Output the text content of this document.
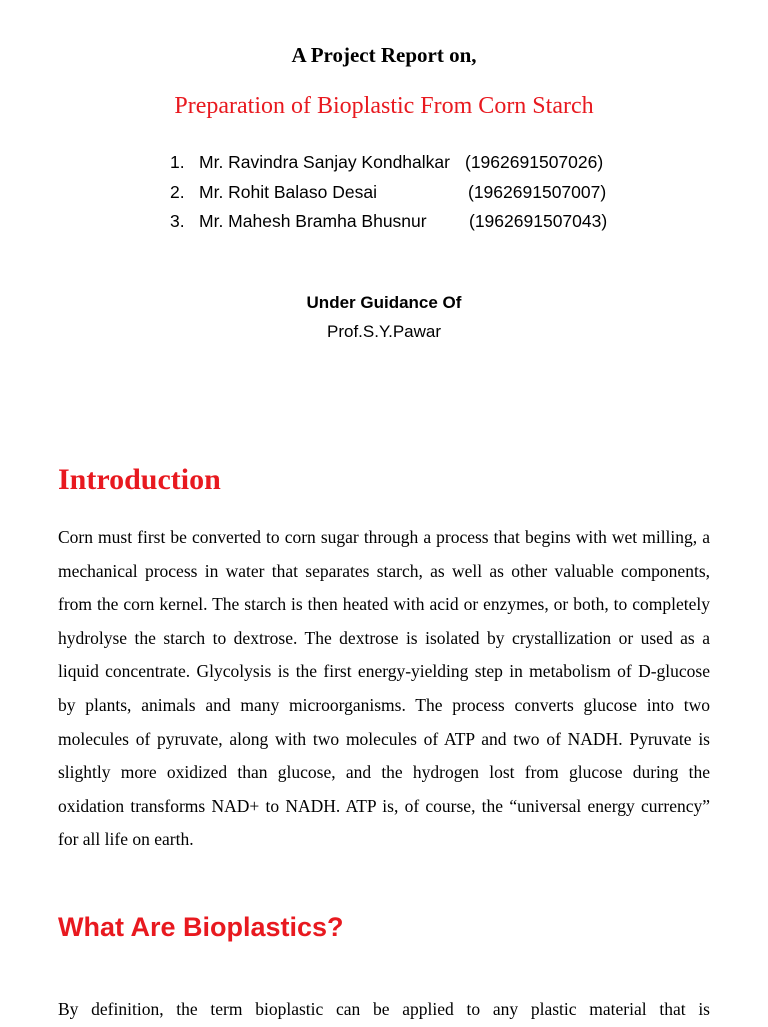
A Project Report on,
Preparation of Bioplastic From Corn Starch
1. Mr. Ravindra Sanjay Kondhalkar (1962691507026)
2. Mr. Rohit Balaso Desai	(1962691507007)
3. Mr. Mahesh Bramha Bhusnur (1962691507043)
Under Guidance Of
Prof.S.Y.Pawar
Introduction

Corn must first be converted to corn sugar through a process that begins with wet milling, a mechanical process in water that separates starch, as well as other valuable components, from the corn kernel. The starch is then heated with acid or enzymes, or both, to completely hydrolyse the starch to dextrose. The dextrose is isolated by crystallization or used as a liquid concentrate. Glycolysis is the first energy-yielding step in metabolism of D-glucose by plants, animals and many microorganisms. The process converts glucose into two molecules of pyruvate, along with two molecules of ATP and two of NADH. Pyruvate is slightly more oxidized than glucose, and the hydrogen lost from glucose during the oxidation transforms NAD+ to NADH. ATP is, of course, the “universal energy currency” for all life on earth.

What Are Bioplastics?

By definition, the term bioplastic can be applied to any plastic material that is
